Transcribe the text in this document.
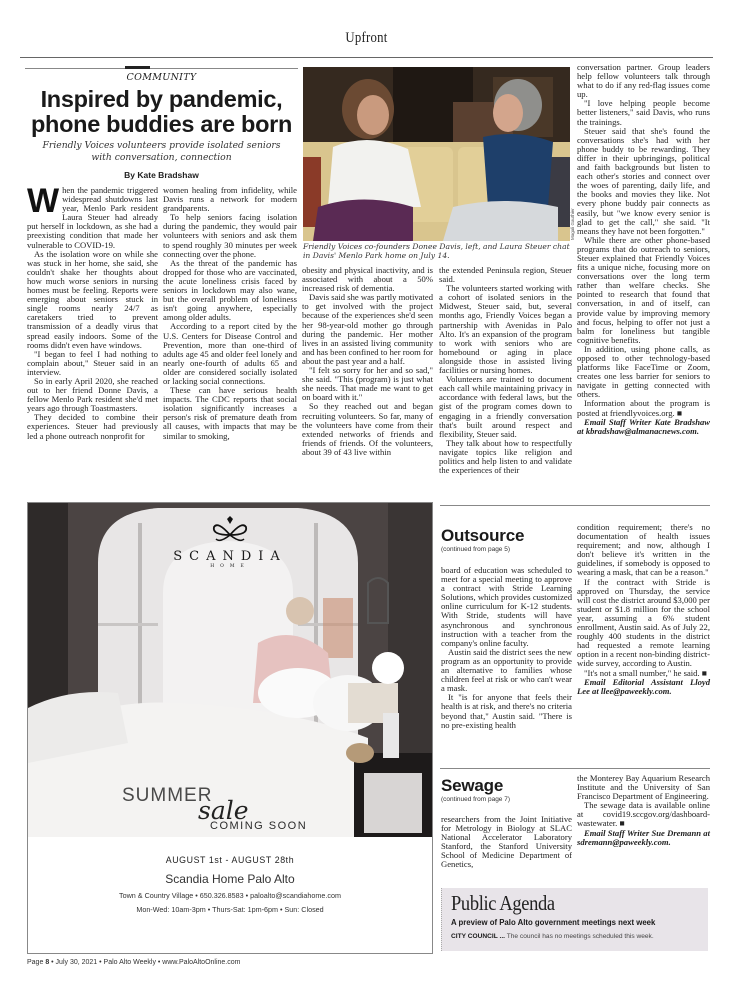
Upfront
COMMUNITY
Inspired by pandemic,
phone buddies are born
Friendly Voices volunteers provide isolated seniors
with conversation, connection
By Kate Bradshaw

When the pandemic triggered widespread shutdowns last year, Menlo Park resident Laura Steuer had already put herself in lockdown, as she had a preexisting condition that made her vulnerable to COVID-19.

As the isolation wore on while she was stuck in her home, she said, she couldn't shake her thoughts about how much worse seniors in nursing homes must be feeling. Reports were emerging about seniors stuck in single rooms nearly 24/7 as caretakers tried to prevent transmission of a deadly virus that spread easily indoors. Some of the rooms didn't even have windows.

"I began to feel I had nothing to complain about," Steuer said in an interview.

So in early April 2020, she reached out to her friend Donne Davis, a fellow Menlo Park resident she'd met years ago through Toastmasters.

They decided to combine their experiences. Steuer had previously led a phone outreach nonprofit for

women healing from infidelity, while Davis runs a network for modern grandparents.

To help seniors facing isolation during the pandemic, they would pair volunteers with seniors and ask them to spend roughly 30 minutes per week connecting over the phone.

As the threat of the pandemic has dropped for those who are vaccinated, the acute loneliness crisis faced by seniors in lockdown may also wane, but the overall problem of loneliness isn't going anywhere, especially among older adults.

According to a report cited by the U.S. Centers for Disease Control and Prevention, more than one-third of adults age 45 and older feel lonely and nearly one-fourth of adults 65 and older are considered socially isolated or lacking social connections.

These can have serious health impacts. The CDC reports that social isolation significantly increases a person's risk of premature death from all causes, with impacts that may be similar to smoking,

Magali Gauthier
Friendly Voices co-founders Donee Davis, left, and Laura Steuer chat in Davis' Menlo Park home on July 14.

obesity and physical inactivity, and is associated with about a 50% increased risk of dementia.

Davis said she was partly motivated to get involved with the project because of the experiences she'd seen her 98-year-old mother go through during the pandemic. Her mother lives in an assisted living community and has been confined to her room for about the past year and a half.

"I felt so sorry for her and so sad," she said. "This (program) is just what she needs. That made me want to get on board with it."

So they reached out and began recruiting volunteers. So far, many of the volunteers have come from their extended networks of friends and friends of friends. Of the volunteers, about 39 of 43 live within

the extended Peninsula region, Steuer said.

The volunteers started working with a cohort of isolated seniors in the Midwest, Steuer said, but, several months ago, Friendly Voices began a partnership with Avenidas in Palo Alto. It's an expansion of the program to work with seniors who are homebound or aging in place alongside those in assisted living facilities or nursing homes.

Volunteers are trained to document each call while maintaining privacy in accordance with federal laws, but the gist of the program comes down to engaging in a friendly conversation that's built around respect and flexibility, Steuer said.

They talk about how to respectfully navigate topics like religion and politics and help listen to and validate the experiences of their

conversation partner. Group leaders help fellow volunteers talk through what to do if any red-flag issues come up.

"I love helping people become better listeners," said Davis, who runs the trainings.

Steuer said that she's found the conversations she's had with her phone buddy to be rewarding. They differ in their upbringings, political and faith backgrounds but listen to each other's stories and connect over the woes of parenting, daily life, and the books and movies they like. Not every phone buddy pair connects as easily, but "we know every senior is glad to get the call," she said. "It means they have not been forgotten."

While there are other phone-based programs that do outreach to seniors, Steuer explained that Friendly Voices fits a unique niche, focusing more on conversations over the long term rather than welfare checks. She pointed to research that found that conversation, in and of itself, can provide value by improving memory and focus, helping to offer not just a balm for loneliness but tangible cognitive benefits.

In addition, using phone calls, as opposed to other technology-based platforms like FaceTime or Zoom, creates one less barrier for seniors to navigate in getting connected with others.

Information about the program is posted at friendlyvoices.org. ■

Email Staff Writer Kate Bradshaw at kbradshaw@almanacnews.com.

SCANDIA
HOME
SUMMER
sale
COMING SOON
AUGUST 1st - AUGUST 28th
Scandia Home Palo Alto
Town & Country Village • 650.326.8583 • paloalto@scandiahome.com
Mon-Wed: 10am-3pm • Thurs-Sat: 1pm-6pm • Sun: Closed
Outsource
(continued from page 5)

board of education was scheduled to meet for a special meeting to approve a contract with Stride Learning Solutions, which provides customized online curriculum for K-12 students. With Stride, students will have asynchronous and synchronous instruction with a teacher from the company's online faculty.

Austin said the district sees the new program as an opportunity to provide an alternative to families whose children feel at risk or who can't wear a mask.

It "is for anyone that feels their health is at risk, and there's no criteria beyond that," Austin said. "There is no pre-existing health

condition requirement; there's no documentation of health issues requirement; and now, although I don't believe it's written in the guidelines, if somebody is opposed to wearing a mask, that can be a reason."

If the contract with Stride is approved on Thursday, the service will cost the district around $3,000 per student or $1.8 million for the school year, assuming a 6% student enrollment, Austin said. As of July 22, roughly 400 students in the district had requested a remote learning option in a recent non-binding district-wide survey, according to Austin.

"It's not a small number," he said. ■

Email Editorial Assistant Lloyd Lee at llee@paweekly.com.

Sewage
(continued from page 7)

researchers from the Joint Initiative for Metrology in Biology at SLAC National Accelerator Laboratory Stanford, the Stanford University School of Medicine Department of Genetics,

the Monterey Bay Aquarium Research Institute and the University of San Francisco Department of Engineering.

The sewage data is available online at covid19.sccgov.org/dashboard-wastewater. ■

Email Staff Writer Sue Dremann at sdremann@paweekly.com.

Public Agenda
A preview of Palo Alto government meetings next week
CITY COUNCIL ... The council has no meetings scheduled this week.
Page 8 • July 30, 2021 • Palo Alto Weekly • www.PaloAltoOnline.com
